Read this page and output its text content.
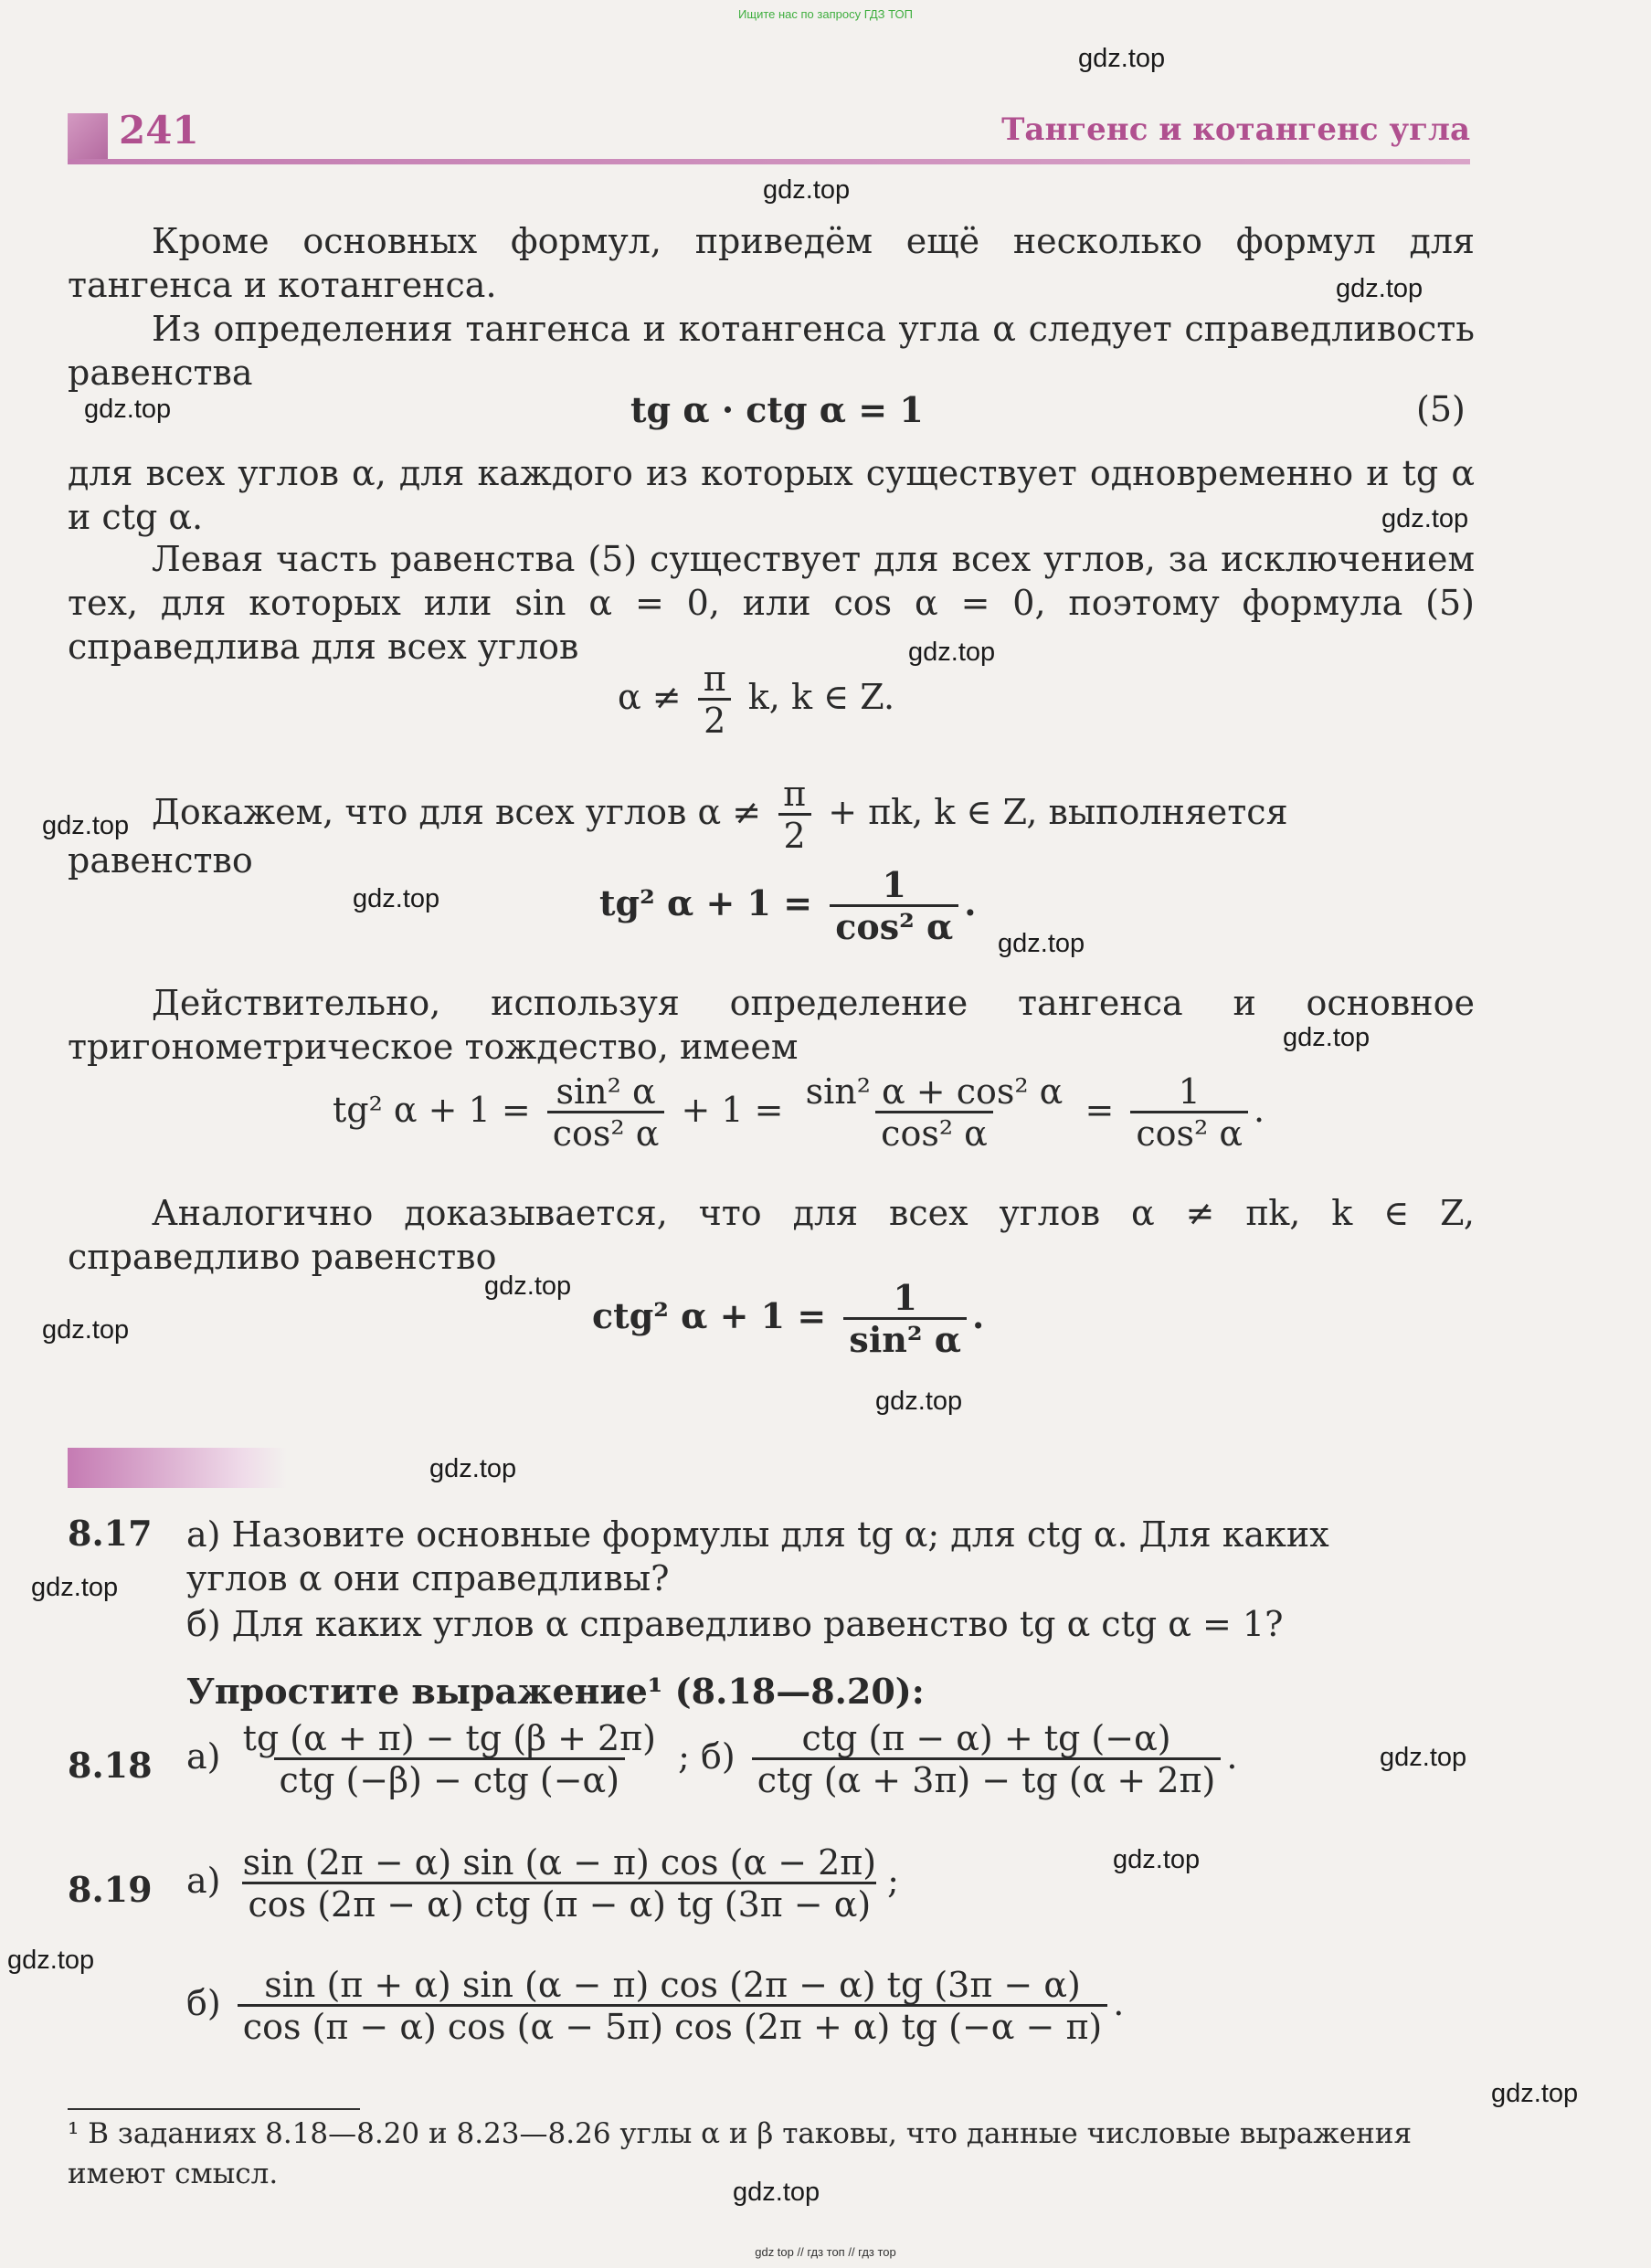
Ищите нас по запросу ГДЗ ТОП
gdz.top
gdz.top
gdz.top
gdz.top
gdz.top
gdz.top
gdz.top
gdz.top
gdz.top
gdz.top
gdz.top
gdz.top
gdz.top
gdz.top
gdz.top
gdz.top
gdz.top
gdz.top
gdz.top
gdz.top
241	Тангенс и котангенс угла
Кроме основных формул, приведём ещё несколько формул для тангенса и котангенса.
Из определения тангенса и котангенса угла α следует справедливость равенства
tg α · ctg α = 1	(5)
для всех углов α, для каждого из которых существует одновременно и tg α и ctg α.
Левая часть равенства (5) существует для всех углов, за исключением тех, для которых или sin α = 0, или cos α = 0, поэтому формула (5) справедлива для всех углов
$\alpha \ne \frac{\pi}{2} k$, k ∈ Z.
Докажем, что для всех углов $\alpha \ne \frac{\pi}{2} + \pi k$, k ∈ Z, выполняется
равенство
tg² $\alpha + 1 = \frac{1}{\text{cos² α}}$ .
Действительно, используя определение тангенса и основное тригонометрическое тождество, имеем
tg² $\alpha + 1 = \frac{\text{sin² α}}{\text{cos² α}} + 1 = \frac{\text{sin² α + cos² α}}{\text{cos² α}} = \frac{1}{\text{cos² α}}$ .
Аналогично доказывается, что для всех углов α ≠ πk, k ∈ Z, справедливо равенство
ctg² $\alpha + 1 = \frac{1}{\text{sin² α}}$ .
8.17 а) Назовите основные формулы для tg α; для ctg α. Для каких
углов α они справедливы?
б) Для каких углов α справедливо равенство tg α ctg α = 1?
Упростите выражение¹ (8.18—8.20):
8.18 $а) \frac{tg (\alpha + \pi) - tg (\beta + 2\pi)}{\text{ctg (−β) − ctg (−α)}}$ ; $б) \frac{\text{ctg (π − α) + tg (−α)}}{\text{ctg (α + 3π) − tg (α + 2π)}}$ .
8.19 $а) \frac{\sin (2\pi - \alpha) \sin (\alpha - \pi) \cos (\alpha - 2\pi)}{\text{cos (2π − α) ctg (π − α) tg (3π − α)}}$ ;
$б) \frac{\sin (\pi + \alpha) \sin (\alpha - \pi) \cos (2\pi - \alpha) tg (3\pi - \alpha)}{\cos (\pi - \alpha) \cos (\alpha - 5\pi) \cos (2\pi + \alpha) tg (-\alpha - \pi)}$ .
¹ В заданиях 8.18—8.20 и 8.23—8.26 углы α и β таковы, что данные числовые выражения имеют смысл.
gdz top // гдз топ // гдз тор
